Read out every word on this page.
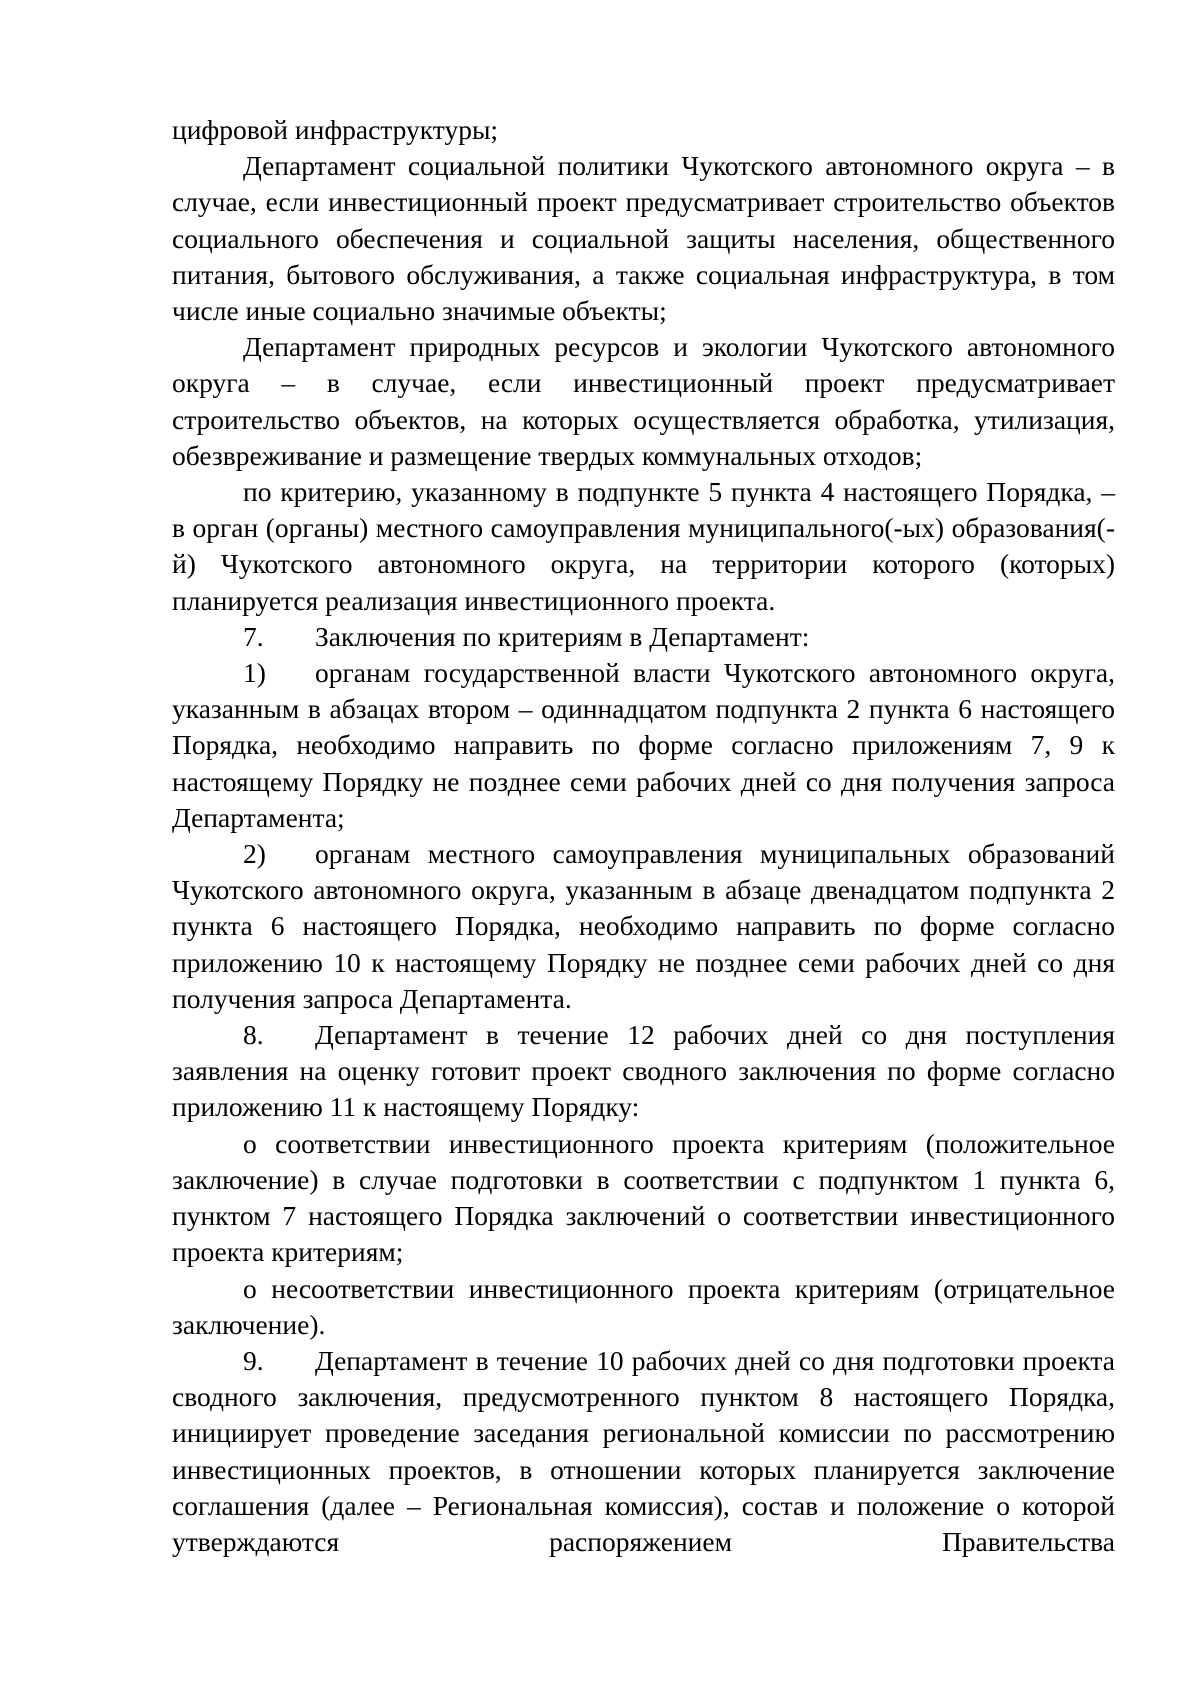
цифровой инфраструктуры;

Департамент социальной политики Чукотского автономного округа – в случае, если инвестиционный проект предусматривает строительство объектов социального обеспечения и социальной защиты населения, общественного питания, бытового обслуживания, а также социальная инфраструктура, в том числе иные социально значимые объекты;

Департамент природных ресурсов и экологии Чукотского автономного округа – в случае, если инвестиционный проект предусматривает строительство объектов, на которых осуществляется обработка, утилизация, обезвреживание и размещение твердых коммунальных отходов;

по критерию, указанному в подпункте 5 пункта 4 настоящего Порядка, – в орган (органы) местного самоуправления муниципального(-ых) образования(-й) Чукотского автономного округа, на территории которого (которых) планируется реализация инвестиционного проекта.

7. Заключения по критериям в Департамент:

1) органам государственной власти Чукотского автономного округа, указанным в абзацах втором – одиннадцатом подпункта 2 пункта 6 настоящего Порядка, необходимо направить по форме согласно приложениям 7, 9 к настоящему Порядку не позднее семи рабочих дней со дня получения запроса Департамента;

2) органам местного самоуправления муниципальных образований Чукотского автономного округа, указанным в абзаце двенадцатом подпункта 2 пункта 6 настоящего Порядка, необходимо направить по форме согласно приложению 10 к настоящему Порядку не позднее семи рабочих дней со дня получения запроса Департамента.

8. Департамент в течение 12 рабочих дней со дня поступления заявления на оценку готовит проект сводного заключения по форме согласно приложению 11 к настоящему Порядку:

о соответствии инвестиционного проекта критериям (положительное заключение) в случае подготовки в соответствии с подпунктом 1 пункта 6, пунктом 7 настоящего Порядка заключений о соответствии инвестиционного проекта критериям;

о несоответствии инвестиционного проекта критериям (отрицательное заключение).

9. Департамент в течение 10 рабочих дней со дня подготовки проекта сводного заключения, предусмотренного пунктом 8 настоящего Порядка, инициирует проведение заседания региональной комиссии по рассмотрению инвестиционных проектов, в отношении которых планируется заключение соглашения (далее – Региональная комиссия), состав и положение о которой утверждаются распоряжением Правительства
